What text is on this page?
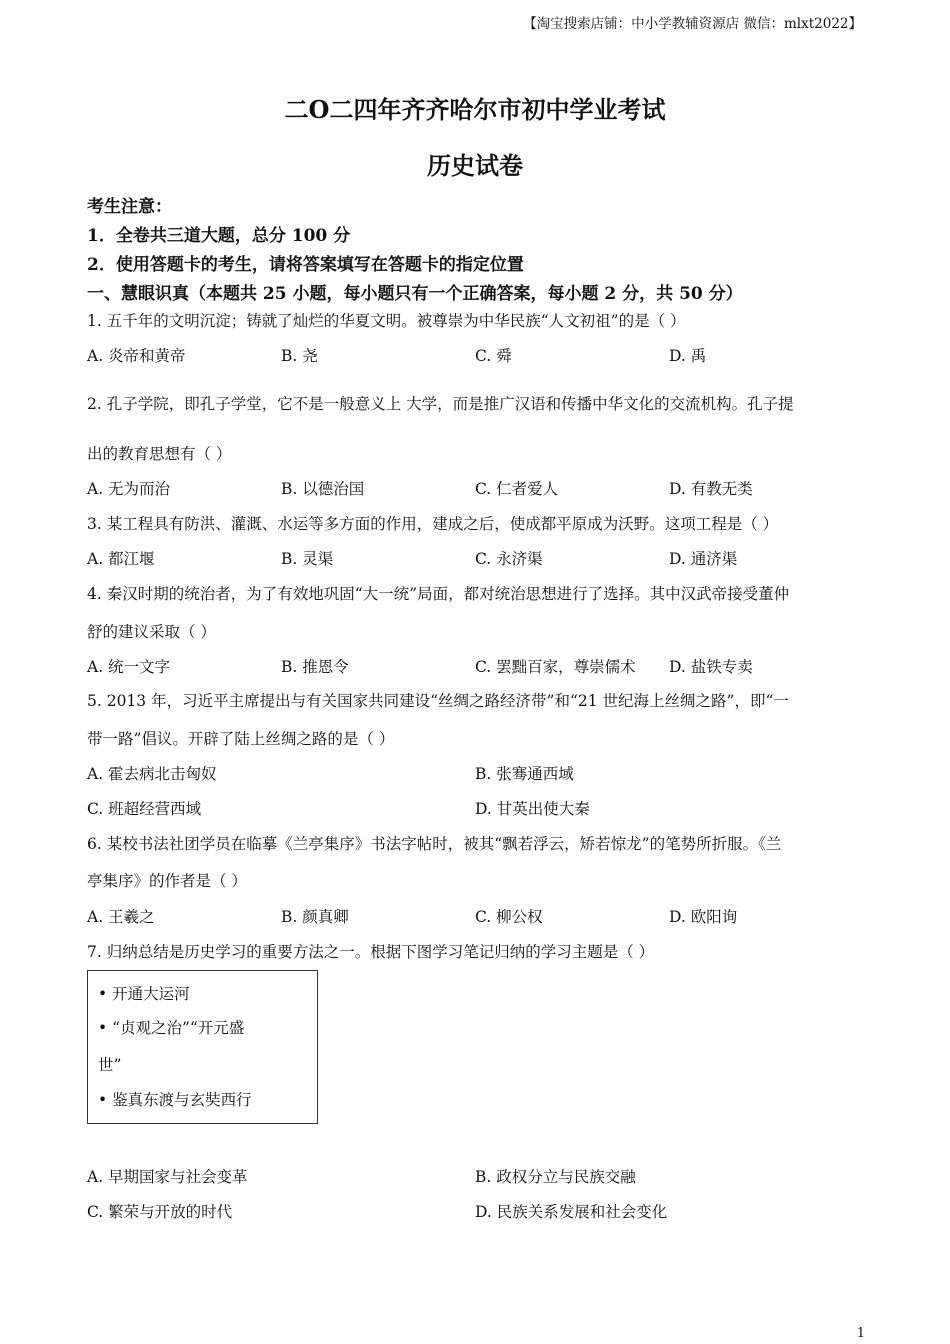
【淘宝搜索店铺：中小学教辅资源店 微信：mlxt2022】
二O二四年齐齐哈尔市初中学业考试
历史试卷
考生注意：
1．全卷共三道大题，总分 100 分
2．使用答题卡的考生，请将答案填写在答题卡的指定位置
一、慧眼识真（本题共 25 小题，每小题只有一个正确答案，每小题 2 分，共 50 分）
1. 五千年的文明沉淀；铸就了灿烂的华夏文明。被尊崇为中华民族“人文初祖”的是（ ）
A. 炎帝和黄帝	B. 尧	C. 舜	D. 禹
2. 孔子学院，即孔子学堂，它不是一般意义上 大学，而是推广汉语和传播中华文化的交流机构。孔子提
出的教育思想有（ ）
A. 无为而治	B. 以德治国	C. 仁者爱人	D. 有教无类
3. 某工程具有防洪、灌溉、水运等多方面的作用，建成之后，使成都平原成为沃野。这项工程是（ ）
A. 都江堰	B. 灵渠	C. 永济渠	D. 通济渠
4. 秦汉时期的统治者，为了有效地巩固“大一统”局面，都对统治思想进行了选择。其中汉武帝接受董仲
舒的建议采取（ ）
A. 统一文字	B. 推恩令	C. 罢黜百家，尊崇儒术 D. 盐铁专卖
5. 2013 年，习近平主席提出与有关国家共同建设“丝绸之路经济带”和“21 世纪海上丝绸之路”，即“一
带一路”倡议。开辟了陆上丝绸之路的是（ ）
A. 霍去病北击匈奴	B. 张骞通西域
C. 班超经营西域	D. 甘英出使大秦
6. 某校书法社团学员在临摹《兰亭集序》书法字帖时，被其“飘若浮云，矫若惊龙”的笔势所折服。《兰
亭集序》的作者是（ ）
A. 王羲之	B. 颜真卿	C. 柳公权	D. 欧阳询
7. 归纳总结是历史学习的重要方法之一。根据下图学习笔记归纳的学习主题是（ ）
• 开通大运河
• “贞观之治”“开元盛
世”
• 鉴真东渡与玄奘西行
A. 早期国家与社会变革	B. 政权分立与民族交融
C. 繁荣与开放的时代	D. 民族关系发展和社会变化
1
